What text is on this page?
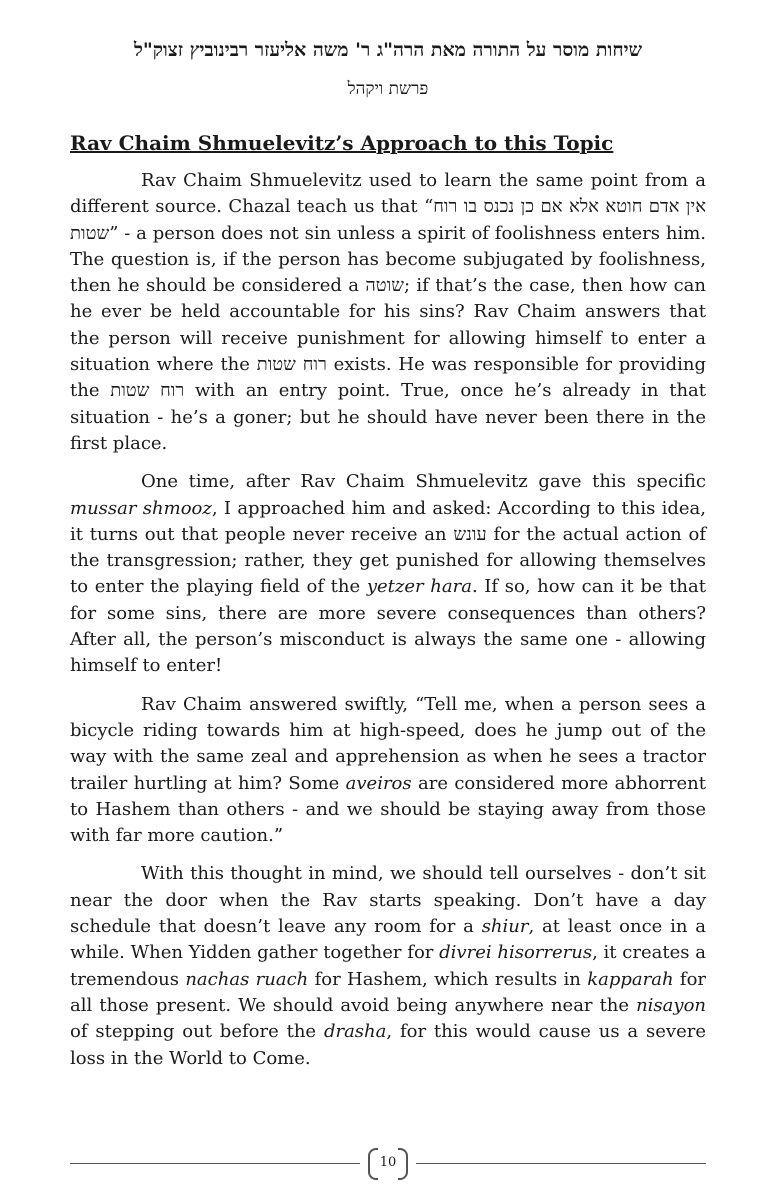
שיחות מוסר על התורה מאת הרה"ג ר' משה אליעזר רבינוביץ זצוק"ל
פרשת ויקהל
Rav Chaim Shmuelevitz’s Approach to this Topic

Rav Chaim Shmuelevitz used to learn the same point from a different source. Chazal teach us that “אין אדם חוטא אלא אם כן נכנס בו רוח שטות” - a person does not sin unless a spirit of foolishness enters him. The question is, if the person has become subjugated by foolishness, then he should be considered a שוטה; if that’s the case, then how can he ever be held accountable for his sins? Rav Chaim answers that the person will receive punishment for allowing himself to enter a situation where the רוח שטות exists. He was responsible for providing the רוח שטות with an entry point. True, once he’s already in that situation - he’s a goner; but he should have never been there in the first place.

One time, after Rav Chaim Shmuelevitz gave this specific mussar shmooz, I approached him and asked: According to this idea, it turns out that people never receive an עונש for the actual action of the transgression; rather, they get punished for allowing themselves to enter the playing field of the yetzer hara. If so, how can it be that for some sins, there are more severe consequences than others? After all, the person’s misconduct is always the same one - allowing himself to enter!

Rav Chaim answered swiftly, “Tell me, when a person sees a bicycle riding towards him at high-speed, does he jump out of the way with the same zeal and apprehension as when he sees a tractor trailer hurtling at him? Some aveiros are considered more abhorrent to Hashem than others - and we should be staying away from those with far more caution.”

With this thought in mind, we should tell ourselves - don’t sit near the door when the Rav starts speaking. Don’t have a day schedule that doesn’t leave any room for a shiur, at least once in a while. When Yidden gather together for divrei hisorrerus, it creates a tremendous nachas ruach for Hashem, which results in kapparah for all those present. We should avoid being anywhere near the nisayon of stepping out before the drasha, for this would cause us a severe loss in the World to Come.

10
